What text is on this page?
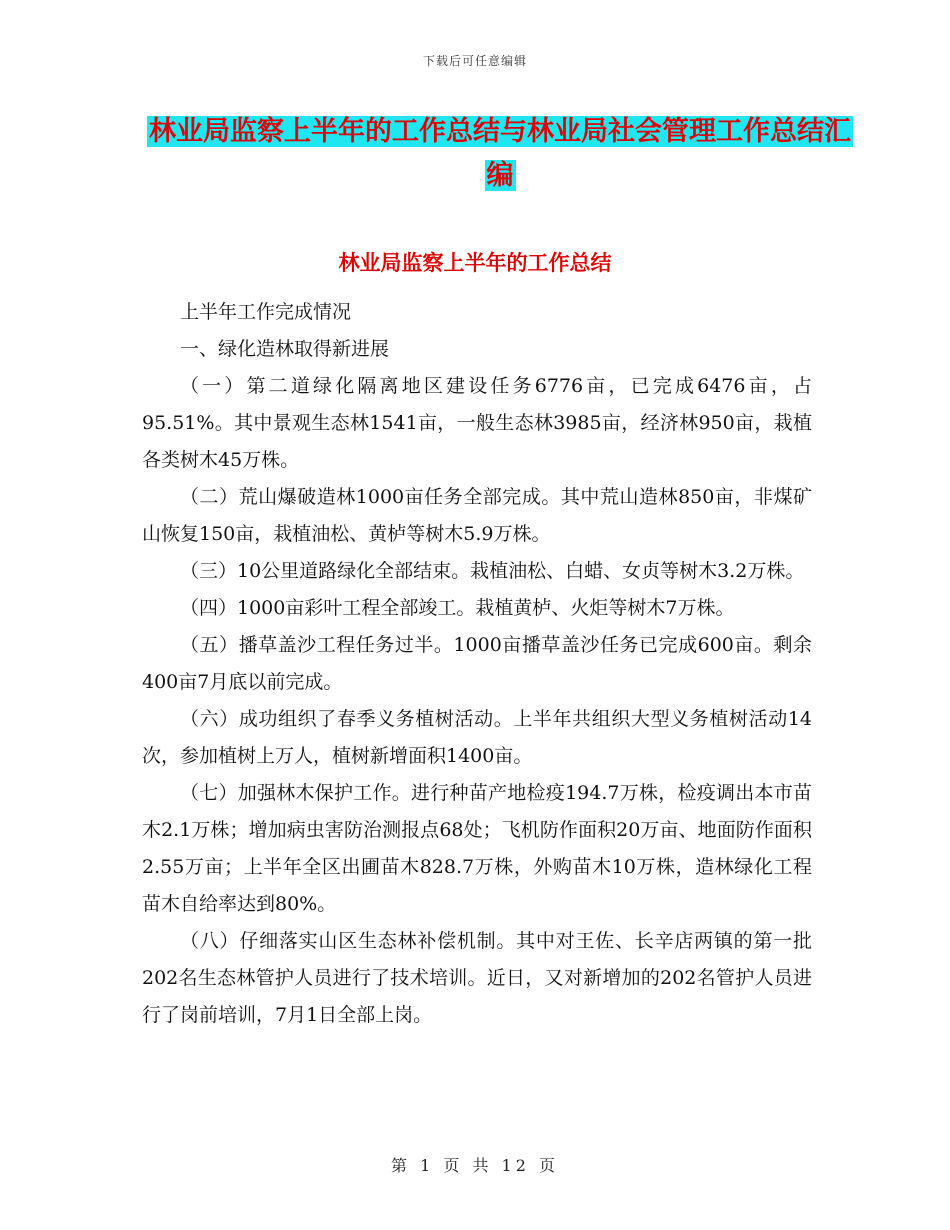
下载后可任意编辑
林业局监察上半年的工作总结与林业局社会管理工作总结汇编
林业局监察上半年的工作总结

上半年工作完成情况

一、绿化造林取得新进展

（一）第二道绿化隔离地区建设任务6776亩，已完成6476亩，占95.51%。其中景观生态林1541亩，一般生态林3985亩，经济林950亩，栽植各类树木45万株。

（二）荒山爆破造林1000亩任务全部完成。其中荒山造林850亩，非煤矿山恢复150亩，栽植油松、黄栌等树木5.9万株。

（三）10公里道路绿化全部结束。栽植油松、白蜡、女贞等树木3.2万株。

（四）1000亩彩叶工程全部竣工。栽植黄栌、火炬等树木7万株。

（五）播草盖沙工程任务过半。1000亩播草盖沙任务已完成600亩。剩余400亩7月底以前完成。

（六）成功组织了春季义务植树活动。上半年共组织大型义务植树活动14次，参加植树上万人，植树新增面积1400亩。

（七）加强林木保护工作。进行种苗产地检疫194.7万株，检疫调出本市苗木2.1万株；增加病虫害防治测报点68处；飞机防作面积20万亩、地面防作面积2.55万亩；上半年全区出圃苗木828.7万株，外购苗木10万株，造林绿化工程苗木自给率达到80%。

（八）仔细落实山区生态林补偿机制。其中对王佐、长辛店两镇的第一批202名生态林管护人员进行了技术培训。近日，又对新增加的202名管护人员进行了岗前培训，7月1日全部上岗。

第 1 页 共 12 页
